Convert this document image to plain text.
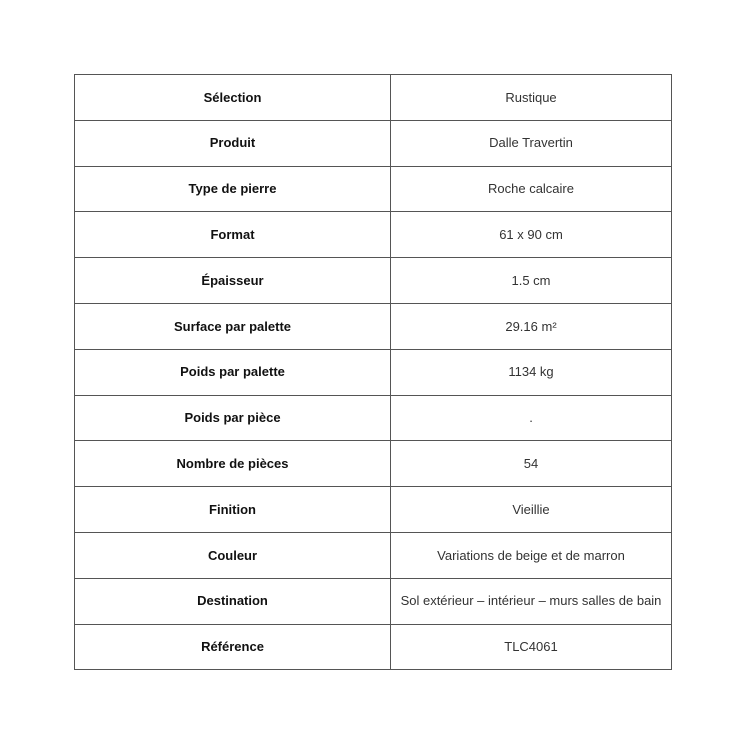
Sélection	Rustique
Produit	Dalle Travertin
Type de pierre	Roche calcaire
Format	61 x 90 cm
Épaisseur	1.5 cm
Surface par palette	29.16 m²
Poids par palette	1134 kg
Poids par pièce	.
Nombre de pièces	54
Finition	Vieillie
Couleur	Variations de beige et de marron
Destination	Sol extérieur – intérieur – murs salles de bain
Référence	TLC4061
